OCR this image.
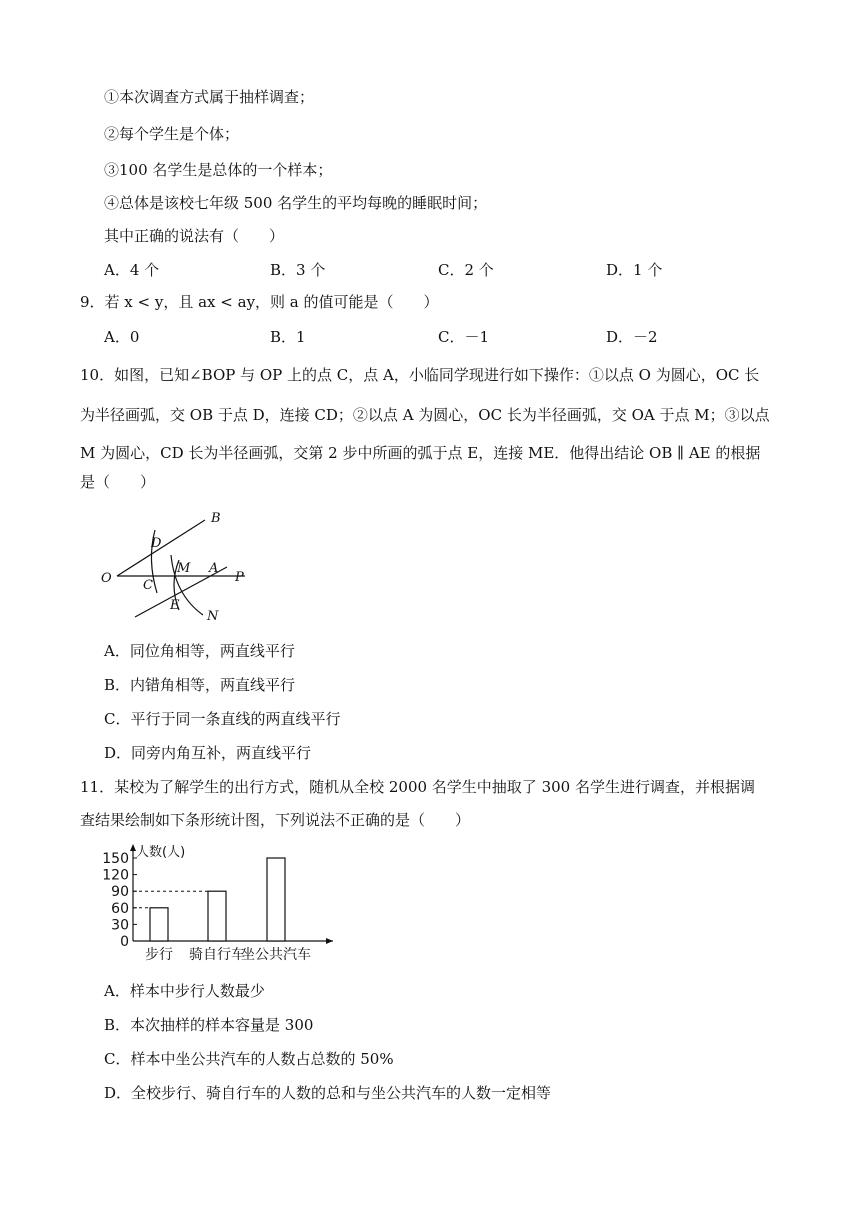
①本次调查方式属于抽样调查；
②每个学生是个体；
③100 名学生是总体的一个样本；
④总体是该校七年级 500 名学生的平均每晚的睡眠时间；
其中正确的说法有（　　）
A．4 个	B．3 个	C．2 个	D．1 个
9．若 x < y，且 ax < ay，则 a 的值可能是（　　）
A．0	B．1	C．－1	D．－2
10．如图，已知∠BOP 与 OP 上的点 C，点 A，小临同学现进行如下操作：①以点 O 为圆心，OC 长
为半径画弧，交 OB 于点 D，连接 CD；②以点 A 为圆心，OC 长为半径画弧，交 OA 于点 M；③以点
M 为圆心，CD 长为半径画弧，交第 2 步中所画的弧于点 E，连接 ME．他得出结论 OB ∥ AE 的根据
是（　　）
O
B
D
C
M A
P
E
N
A．同位角相等，两直线平行
B．内错角相等，两直线平行
C．平行于同一条直线的两直线平行
D．同旁内角互补，两直线平行
11．某校为了解学生的出行方式，随机从全校 2000 名学生中抽取了 300 名学生进行调查，并根据调
查结果绘制如下条形统计图，下列说法不正确的是（　　）
人数(人)
0
30
60
90
120
150
步行 骑自行车
坐公共汽车
A．样本中步行人数最少
B．本次抽样的样本容量是 300
C．样本中坐公共汽车的人数占总数的 50%
D．全校步行、骑自行车的人数的总和与坐公共汽车的人数一定相等
